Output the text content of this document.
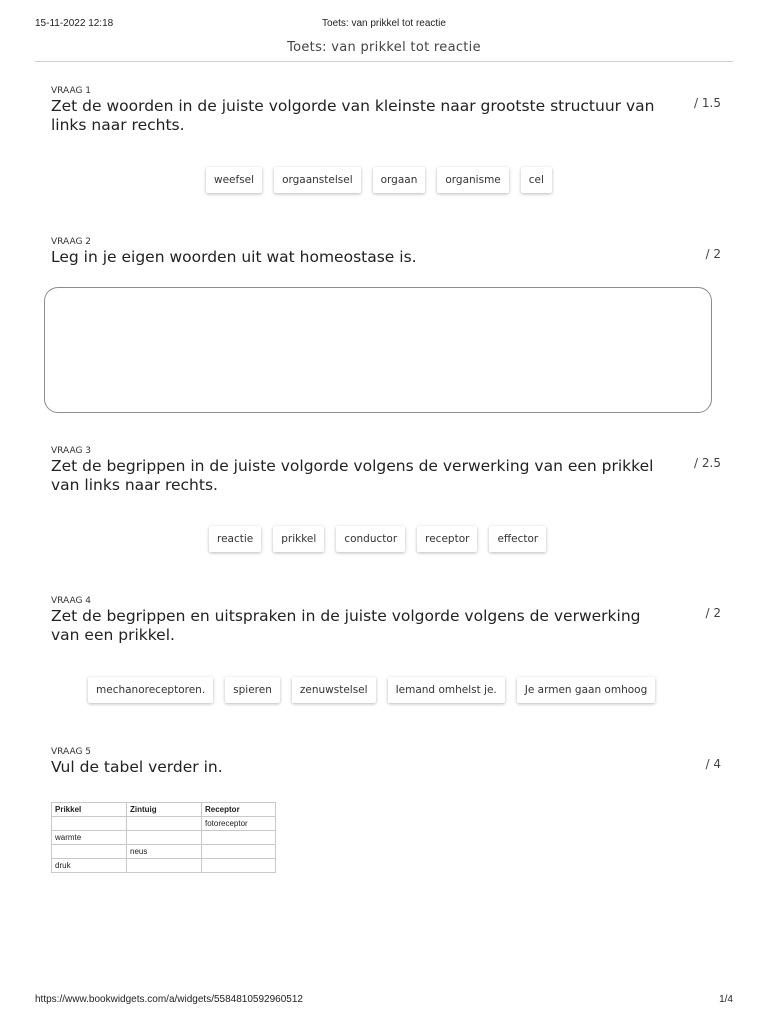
15-11-2022 12:18	Toets: van prikkel tot reactie
Toets: van prikkel tot reactie
VRAAG 1
Zet de woorden in de juiste volgorde van kleinste naar grootste structuur van links naar rechts.
/ 1.5
weefsel	orgaanstelsel	orgaan	organisme	cel
VRAAG 2
Leg in je eigen woorden uit wat homeostase is.	/ 2
VRAAG 3
Zet de begrippen in de juiste volgorde volgens de verwerking van een prikkel van links naar rechts.
/ 2.5
reactie	prikkel	conductor	receptor	effector
VRAAG 4
Zet de begrippen en uitspraken in de juiste volgorde volgens de verwerking van een prikkel.
/ 2
mechanoreceptoren.	spieren	zenuwstelsel	Iemand omhelst je.	Je armen gaan omhoog
VRAAG 5
Vul de tabel verder in.	/ 4
Prikkel	Zintuig	Receptor
		fotoreceptor
warmte		
	neus	
druk		
https://www.bookwidgets.com/a/widgets/5584810592960512	1/4
